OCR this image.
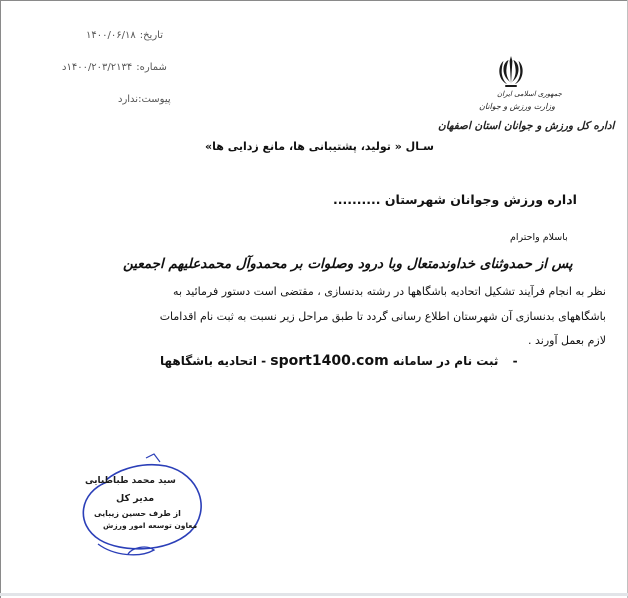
تاریخ:۱۴۰۰/۰۶/۱۸
شماره:۱۴۰۰/۲۰۳/۲۱۳۴د
پیوست:ندارد	جمهوری اسلامی ایران
وزارت ورزش و جوانان
اداره کل ورزش و جوانان استان اصفهان
سـال « تولید، پشتیبانی ها، مانع زدایی ها»
اداره ورزش وجوانان شهرستان ..........
باسلام واحترام
پس از حمدوثنای خداوندمتعال وبا درود وصلوات بر محمدوآل محمدعلیهم اجمعین
نظر به انجام فرآیند تشکیل اتحادیه باشگاهها در رشته بدنسازی ، مقتضی است دستور فرمائید به
باشگاههای بدنسازی آن شهرستان اطلاع رسانی گردد تا طبق مراحل زیر نسبت به ثبت نام اقدامات
لازم بعمل آورند .
- ثبت نام در سامانه sport1400.com - اتحادیه باشگاهها
سید محمد طباطبایی
مدیر کل
از طرف حسین زیبایی
معاون توسعه امور ورزش
